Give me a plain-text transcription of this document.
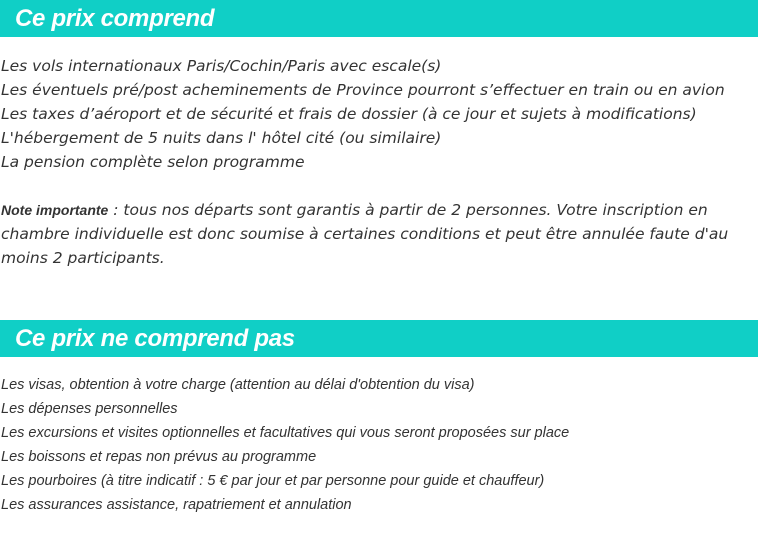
Ce prix comprend
Les vols internationaux Paris/Cochin/Paris avec escale(s)
Les éventuels pré/post acheminements de Province pourront s’effectuer en train ou en avion
Les taxes d’aéroport et de sécurité et frais de dossier (à ce jour et sujets à modifications)
L'hébergement de 5 nuits dans l' hôtel cité (ou similaire)
La pension complète selon programme
Note importante : tous nos départs sont garantis à partir de 2 personnes. Votre inscription en chambre individuelle est donc soumise à certaines conditions et peut être annulée faute d'au moins 2 participants.
Ce prix ne comprend pas
Les visas, obtention à votre charge (attention au délai d'obtention du visa)
Les dépenses personnelles
Les excursions et visites optionnelles et facultatives qui vous seront proposées sur place
Les boissons et repas non prévus au programme
Les pourboires (à titre indicatif : 5 € par jour et par personne pour guide et chauffeur)
Les assurances assistance, rapatriement et annulation
